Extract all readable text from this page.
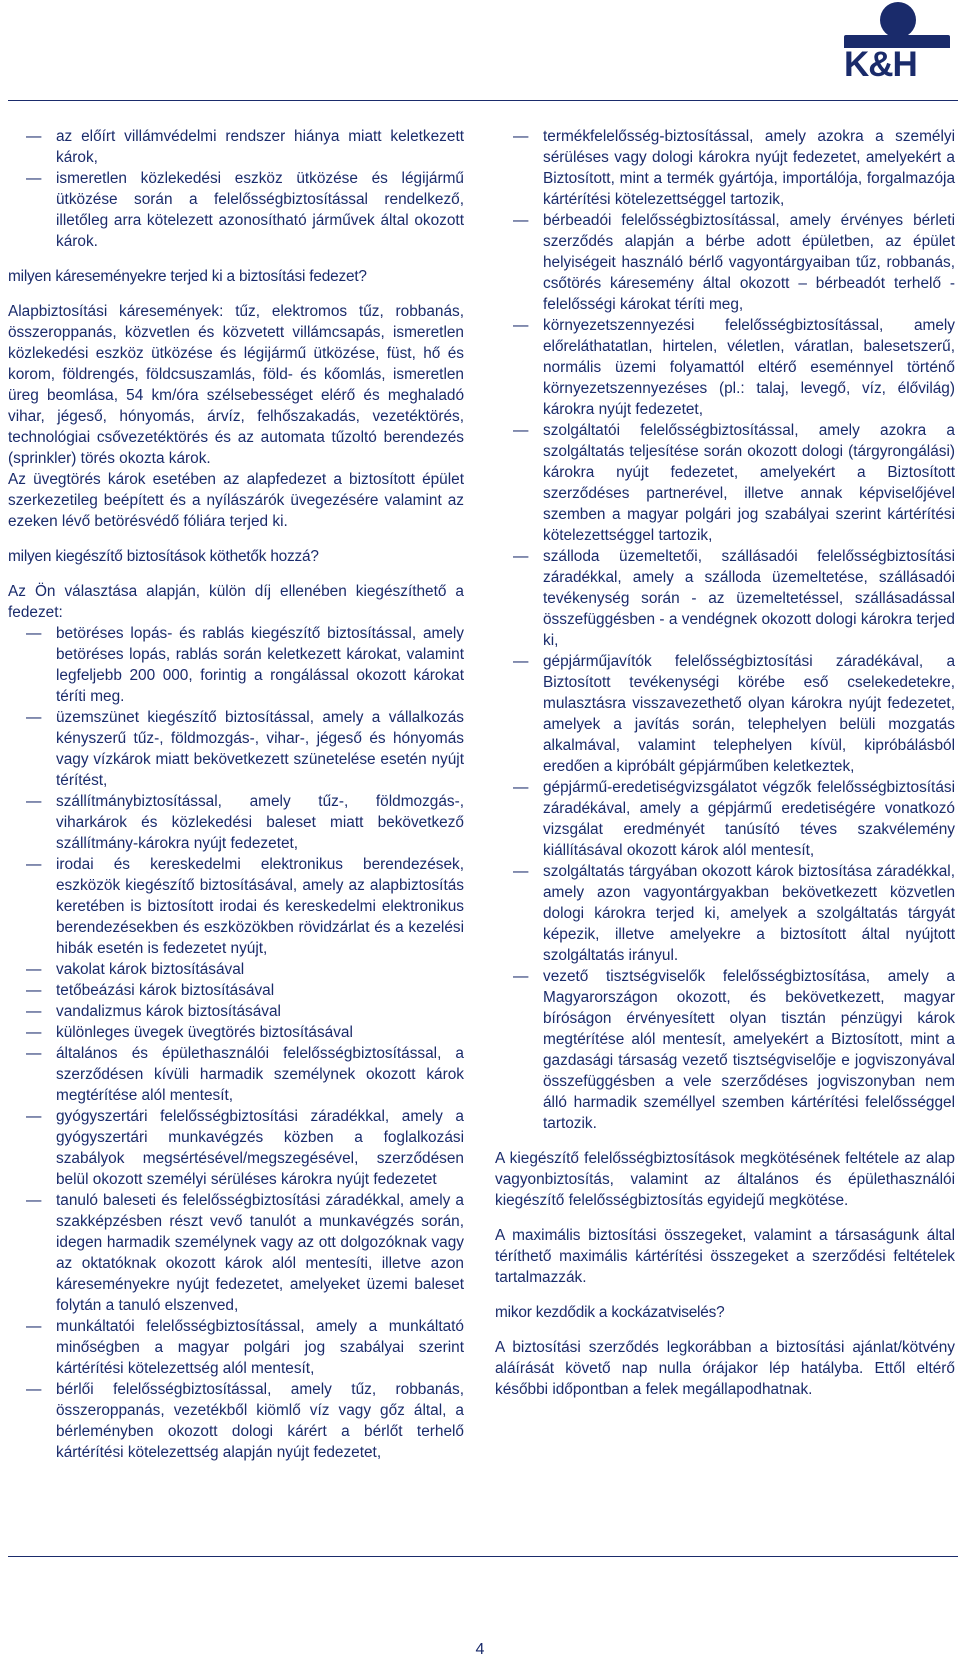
K&H
— az előírt villámvédelmi rendszer hiánya miatt keletkezett károk,
— ismeretlen közlekedési eszköz ütközése és légijármű ütközése során a felelősségbiztosítással rendelkező, illetőleg arra kötelezett azonosítható járművek által okozott károk.
milyen káreseményekre terjed ki a biztosítási fedezet?

Alapbiztosítási káresemények: tűz, elektromos tűz, robbanás, összeroppanás, közvetlen és közvetett villámcsapás, ismeretlen közlekedési eszköz ütközése és légijármű ütközése, füst, hő és korom, földrengés, földcsuszamlás, föld- és kőomlás, ismeretlen üreg beomlása, 54 km/óra szélsebességet elérő és meghaladó vihar, jégeső, hónyomás, árvíz, felhőszakadás, vezetéktörés, technológiai csővezetéktörés és az automata tűzoltó berendezés (sprinkler) törés okozta károk.

Az üvegtörés károk esetében az alapfedezet a biztosított épület szerkezetileg beépített és a nyílászárók üvegezésére valamint az ezeken lévő betörésvédő fóliára terjed ki.

milyen kiegészítő biztosítások köthetők hozzá?

Az Ön választása alapján, külön díj ellenében kiegészíthető a fedezet:

— betöréses lopás- és rablás kiegészítő biztosítással, amely betöréses lopás, rablás során keletkezett károkat, valamint legfeljebb 200 000, forintig a rongálással okozott károkat téríti meg.
— üzemszünet kiegészítő biztosítással, amely a vállalkozás kényszerű tűz-, földmozgás-, vihar-, jégeső és hónyomás vagy vízkárok miatt bekövetkezett szünetelése esetén nyújt térítést,
— szállítmánybiztosítással, amely tűz-, földmozgás-, viharkárok és közlekedési baleset miatt bekövetkező szállítmány-károkra nyújt fedezetet,
— irodai és kereskedelmi elektronikus berendezések, eszközök kiegészítő biztosításával, amely az alapbiztosítás keretében is biztosított irodai és kereskedelmi elektronikus berendezésekben és eszközökben rövidzárlat és a kezelési hibák esetén is fedezetet nyújt,
— vakolat károk biztosításával
— tetőbeázási károk biztosításával
— vandalizmus károk biztosításával
— különleges üvegek üvegtörés biztosításával
— általános és épülethasználói felelősségbiztosítással, a szerződésen kívüli harmadik személynek okozott károk megtérítése alól mentesít,
— gyógyszertári felelősségbiztosítási záradékkal, amely a gyógyszertári munkavégzés közben a foglalkozási szabályok megsértésével/megszegésével, szerződésen belül okozott személyi sérüléses károkra nyújt fedezetet
— tanuló baleseti és felelősségbiztosítási záradékkal, amely a szakképzésben részt vevő tanulót a munkavégzés során, idegen harmadik személynek vagy az ott dolgozóknak vagy az oktatóknak okozott károk alól mentesíti, illetve azon káreseményekre nyújt fedezetet, amelyeket üzemi baleset folytán a tanuló elszenved,
— munkáltatói felelősségbiztosítással, amely a munkáltató minőségben a magyar polgári jog szabályai szerint kártérítési kötelezettség alól mentesít,
— bérlői felelősségbiztosítással, amely tűz, robbanás, összeroppanás, vezetékből kiömlő víz vagy gőz által, a bérleményben okozott dologi kárért a bérlőt terhelő kártérítési kötelezettség alapján nyújt fedezetet,
— termékfelelősség-biztosítással, amely azokra a személyi sérüléses vagy dologi károkra nyújt fedezetet, amelyekért a Biztosított, mint a termék gyártója, importálója, forgalmazója kártérítési kötelezettséggel tartozik,
— bérbeadói felelősségbiztosítással, amely érvényes bérleti szerződés alapján a bérbe adott épületben, az épület helyiségeit használó bérlő vagyontárgyaiban tűz, robbanás, csőtörés káresemény által okozott – bérbeadót terhelő - felelősségi károkat téríti meg,
— környezetszennyezési felelősségbiztosítással, amely előreláthatatlan, hirtelen, véletlen, váratlan, balesetszerű, normális üzemi folyamattól eltérő eseménnyel történő környezetszennyezéses (pl.: talaj, levegő, víz, élővilág) károkra nyújt fedezetet,
— szolgáltatói felelősségbiztosítással, amely azokra a szolgáltatás teljesítése során okozott dologi (tárgyrongálási) károkra nyújt fedezetet, amelyekért a Biztosított szerződéses partnerével, illetve annak képviselőjével szemben a magyar polgári jog szabályai szerint kártérítési kötelezettséggel tartozik,
— szálloda üzemeltetői, szállásadói felelősségbiztosítási záradékkal, amely a szálloda üzemeltetése, szállásadói tevékenység során - az üzemeltetéssel, szállásadással összefüggésben - a vendégnek okozott dologi károkra terjed ki,
— gépjárműjavítók felelősségbiztosítási záradékával, a Biztosított tevékenységi körébe eső cselekedetekre, mulasztásra visszavezethető olyan károkra nyújt fedezetet, amelyek a javítás során, telephelyen belüli mozgatás alkalmával, valamint telephelyen kívül, kipróbálásból eredően a kipróbált gépjárműben keletkeztek,
— gépjármű-eredetiségvizsgálatot végzők felelősségbiztosítási záradékával, amely a gépjármű eredetiségére vonatkozó vizsgálat eredményét tanúsító téves szakvélemény kiállításával okozott károk alól mentesít,
— szolgáltatás tárgyában okozott károk biztosítása záradékkal, amely azon vagyontárgyakban bekövetkezett közvetlen dologi károkra terjed ki, amelyek a szolgáltatás tárgyát képezik, illetve amelyekre a biztosított által nyújtott szolgáltatás irányul.
— vezető tisztségviselők felelősségbiztosítása, amely a Magyarországon okozott, és bekövetkezett, magyar bíróságon érvényesített olyan tisztán pénzügyi károk megtérítése alól mentesít, amelyekért a Biztosított, mint a gazdasági társaság vezető tisztségviselője e jogviszonyával összefüggésben a vele szerződéses jogviszonyban nem álló harmadik személlyel szemben kártérítési felelősséggel tartozik.

A kiegészítő felelősségbiztosítások megkötésének feltétele az alap vagyonbiztosítás, valamint az általános és épülethasználói kiegészítő felelősségbiztosítás egyidejű megkötése.

A maximális biztosítási összegeket, valamint a társaságunk által téríthető maximális kártérítési összegeket a szerződési feltételek tartalmazzák.

mikor kezdődik a kockázatviselés?

A biztosítási szerződés legkorábban a biztosítási ajánlat/kötvény aláírását követő nap nulla órájakor lép hatályba. Ettől eltérő későbbi időpontban a felek megállapodhatnak.

4
